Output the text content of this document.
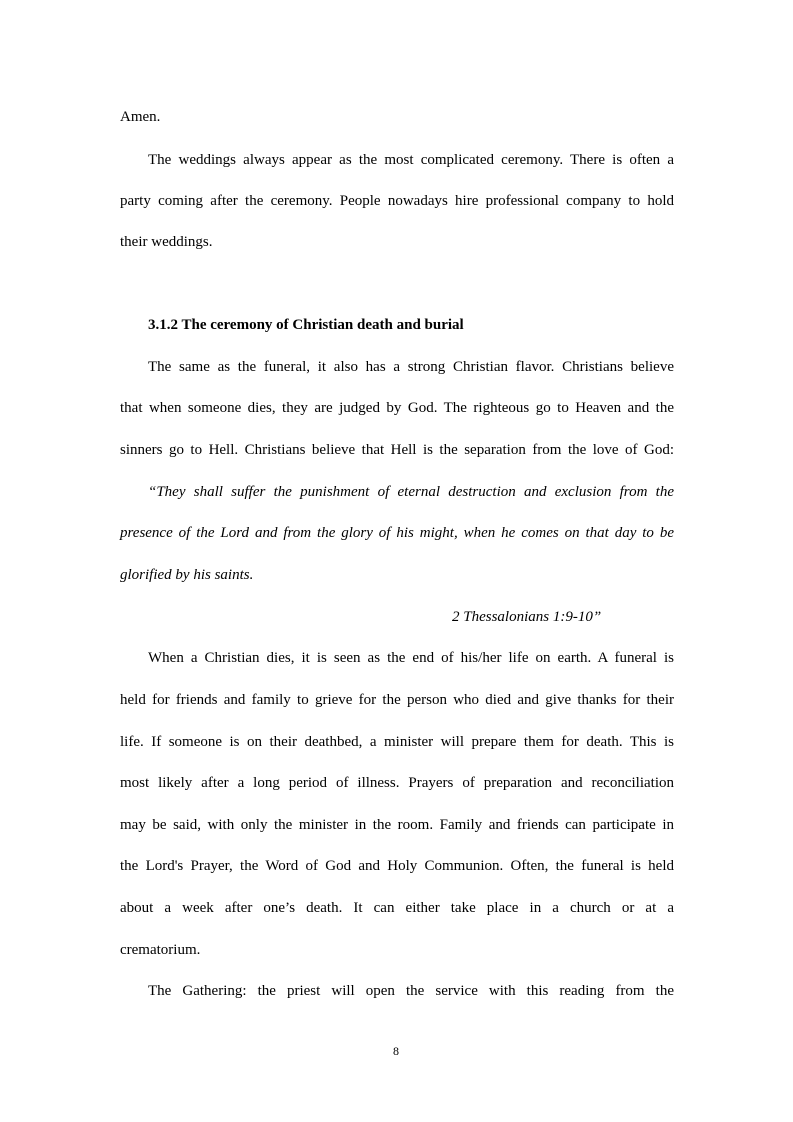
Amen.
The weddings always appear as the most complicated ceremony. There is often a
party coming after the ceremony. People nowadays hire professional company to hold
their weddings.
3.1.2 The ceremony of Christian death and burial
The same as the funeral, it also has a strong Christian flavor. Christians believe
that when someone dies, they are judged by God. The righteous go to Heaven and the
sinners go to Hell. Christians believe that Hell is the separation from the love of God:
“They shall suffer the punishment of eternal destruction and exclusion from the
presence of the Lord and from the glory of his might, when he comes on that day to be
glorified by his saints.
2 Thessalonians 1:9-10”
When a Christian dies, it is seen as the end of his/her life on earth. A funeral is
held for friends and family to grieve for the person who died and give thanks for their
life. If someone is on their deathbed, a minister will prepare them for death. This is
most likely after a long period of illness. Prayers of preparation and reconciliation
may be said, with only the minister in the room. Family and friends can participate in
the Lord's Prayer, the Word of God and Holy Communion. Often, the funeral is held
about a week after one’s death. It can either take place in a church or at a
crematorium.
The Gathering: the priest will open the service with this reading from the
8
